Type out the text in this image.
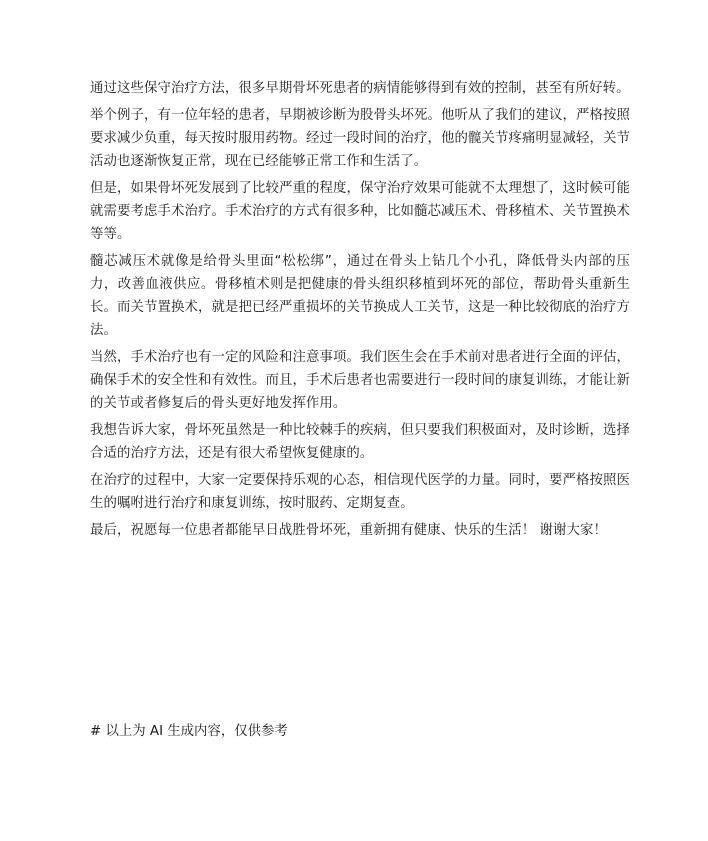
通过这些保守治疗方法，很多早期骨坏死患者的病情能够得到有效的控制，甚至有所好转。

举个例子，有一位年轻的患者，早期被诊断为股骨头坏死。他听从了我们的建议，严格按照要求减少负重，每天按时服用药物。经过一段时间的治疗，他的髋关节疼痛明显减轻，关节活动也逐渐恢复正常，现在已经能够正常工作和生活了。

但是，如果骨坏死发展到了比较严重的程度，保守治疗效果可能就不太理想了，这时候可能就需要考虑手术治疗。手术治疗的方式有很多种，比如髓芯减压术、骨移植术、关节置换术等等。

髓芯减压术就像是给骨头里面“松松绑”，通过在骨头上钻几个小孔，降低骨头内部的压力，改善血液供应。骨移植术则是把健康的骨头组织移植到坏死的部位，帮助骨头重新生长。而关节置换术，就是把已经严重损坏的关节换成人工关节，这是一种比较彻底的治疗方法。

当然，手术治疗也有一定的风险和注意事项。我们医生会在手术前对患者进行全面的评估，确保手术的安全性和有效性。而且，手术后患者也需要进行一段时间的康复训练，才能让新的关节或者修复后的骨头更好地发挥作用。

我想告诉大家，骨坏死虽然是一种比较棘手的疾病，但只要我们积极面对，及时诊断，选择合适的治疗方法，还是有很大希望恢复健康的。

在治疗的过程中，大家一定要保持乐观的心态，相信现代医学的力量。同时，要严格按照医生的嘱咐进行治疗和康复训练，按时服药、定期复查。

最后，祝愿每一位患者都能早日战胜骨坏死，重新拥有健康、快乐的生活！ 谢谢大家！

# 以上为 AI 生成内容，仅供参考
